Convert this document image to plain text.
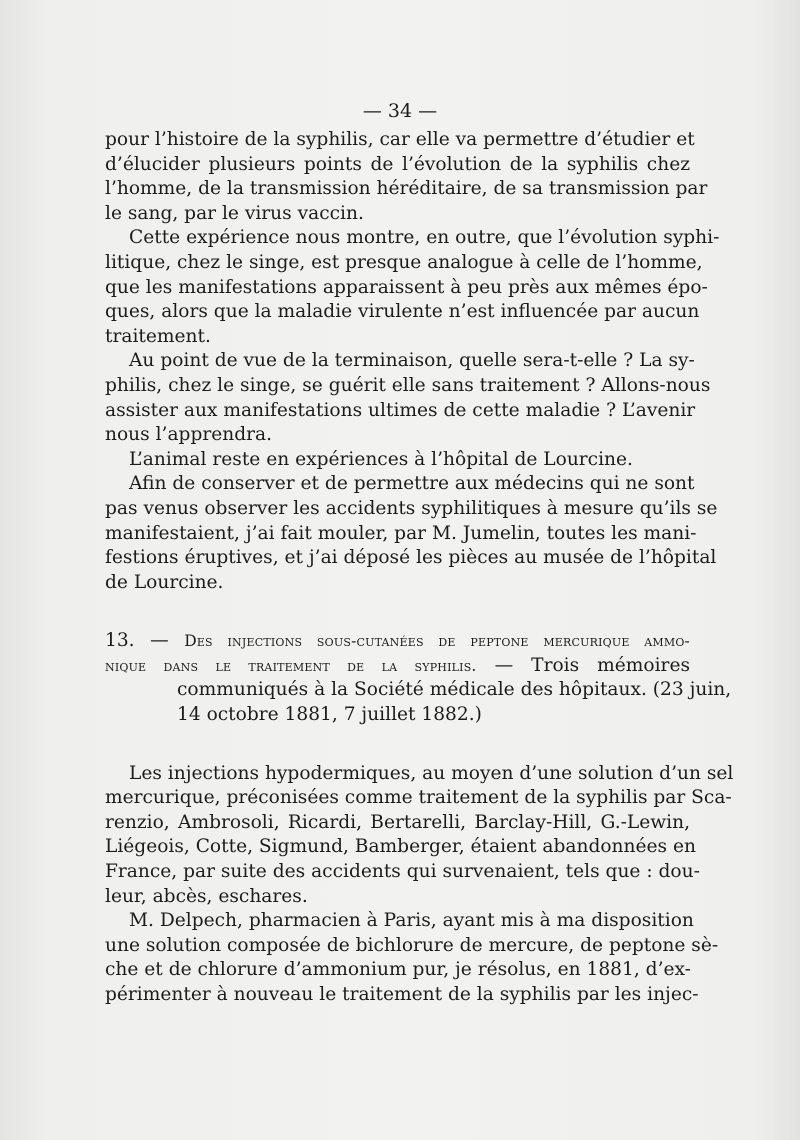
— 34 —
pour l’histoire de la syphilis, car elle va permettre d’étudier et
d’élucider plusieurs points de l’évolution de la syphilis chez
l’homme, de la transmission héréditaire, de sa transmission par
le sang, par le virus vaccin.
Cette expérience nous montre, en outre, que l’évolution syphi-
litique, chez le singe, est presque analogue à celle de l’homme,
que les manifestations apparaissent à peu près aux mêmes épo-
ques, alors que la maladie virulente n’est influencée par aucun
traitement.
Au point de vue de la terminaison, quelle sera-t-elle ? La sy-
philis, chez le singe, se guérit elle sans traitement ? Allons-nous
assister aux manifestations ultimes de cette maladie ? L’avenir
nous l’apprendra.
L’animal reste en expériences à l’hôpital de Lourcine.
Afin de conserver et de permettre aux médecins qui ne sont
pas venus observer les accidents syphilitiques à mesure qu’ils se
manifestaient, j’ai fait mouler, par M. Jumelin, toutes les mani-
festions éruptives, et j’ai déposé les pièces au musée de l’hôpital
de Lourcine.
13. — Des injections sous-cutanées de peptone mercurique ammo-
nique dans le traitement de la syphilis. — Trois mémoires
communiqués à la Société médicale des hôpitaux. (23 juin,
14 octobre 1881, 7 juillet 1882.)
Les injections hypodermiques, au moyen d’une solution d’un sel
mercurique, préconisées comme traitement de la syphilis par Sca-
renzio, Ambrosoli, Ricardi, Bertarelli, Barclay-Hill, G.-Lewin,
Liégeois, Cotte, Sigmund, Bamberger, étaient abandonnées en
France, par suite des accidents qui survenaient, tels que : dou-
leur, abcès, eschares.
M. Delpech, pharmacien à Paris, ayant mis à ma disposition
une solution composée de bichlorure de mercure, de peptone sè-
che et de chlorure d’ammonium pur, je résolus, en 1881, d’ex-
périmenter à nouveau le traitement de la syphilis par les injec-
